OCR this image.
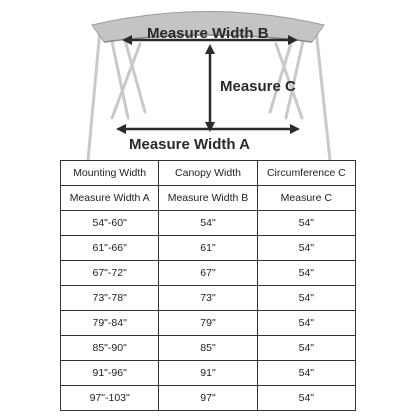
Measure Width B
Measure C
Measure Width A
Mounting Width	Canopy Width	Circumference C
Measure Width A	Measure Width B	Measure C
54"-60"	54"	54"
61"-66"	61"	54"
67"-72"	67"	54"
73"-78"	73"	54"
79"-84"	79"	54"
85"-90"	85"	54"
91"-96"	91"	54"
97"-103"	97"	54"
